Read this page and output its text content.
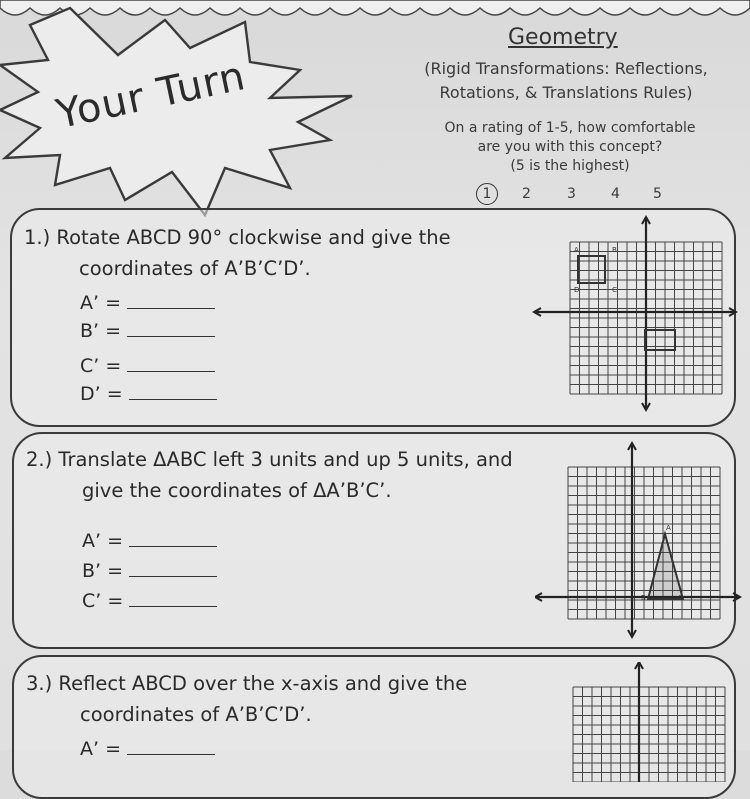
Your Turn
Geometry
(Rigid Transformations: Reflections,
Rotations, & Translations Rules)
On a rating of 1-5, how comfortable
are you with this concept?
(5 is the highest)
1	2	3	4 5
1.) Rotate ABCD 90° clockwise and give the
coordinates of A’B’C’D’.
A’ =
B’ =
C’ =
D’ =
A	B
D	C
2.) Translate ΔABC left 3 units and up 5 units, and
give the coordinates of ΔA’B’C’.
A’ =
B’ =
C’ =
A
B	C
3.) Reflect ABCD over the x-axis and give the
coordinates of A’B’C’D’.
A’ =
